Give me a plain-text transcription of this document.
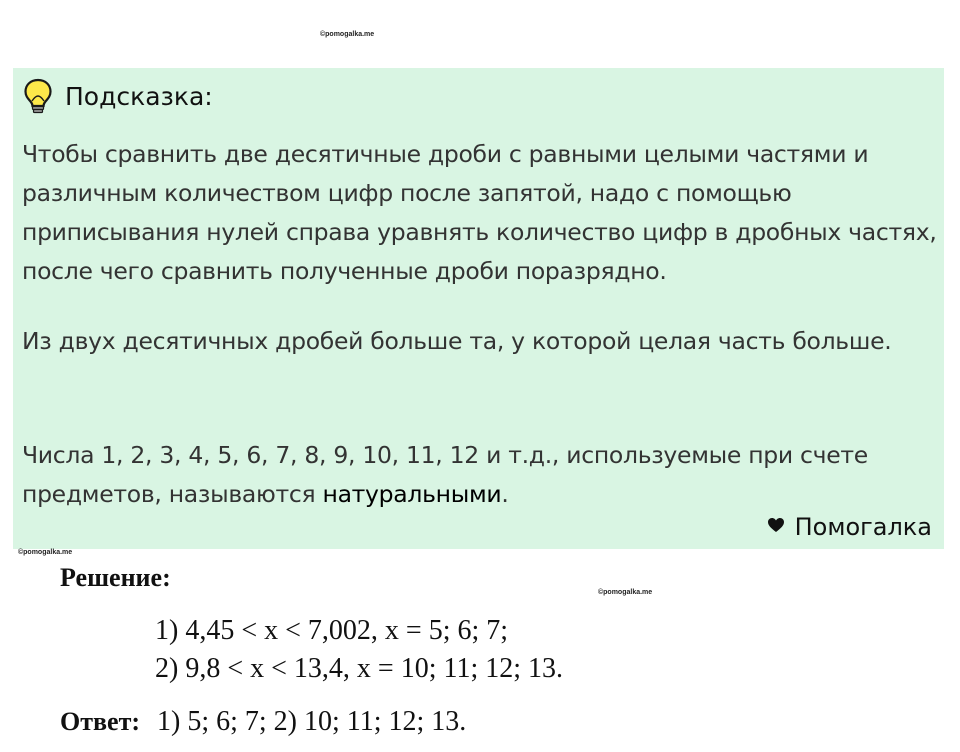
©pomogalka.me
Подсказка:

Чтобы сравнить две десятичные дроби с равными целыми частями и различным количеством цифр после запятой, надо с помощью приписывания нулей справа уравнять количество цифр в дробных частях, после чего сравнить полученные дроби поразрядно.

Из двух десятичных дробей больше та, у которой целая часть больше.

Числа 1, 2, 3, 4, 5, 6, 7, 8, 9, 10, 11, 12 и т.д., используемые при счете предметов, называются натуральными.

Помогалка
©pomogalka.me
©pomogalka.me
Решение:
1) 4,45 < x < 7,002, x = 5; 6; 7;
2) 9,8 < x < 13,4, x = 10; 11; 12; 13.
Ответ: 1) 5; 6; 7; 2) 10; 11; 12; 13.
